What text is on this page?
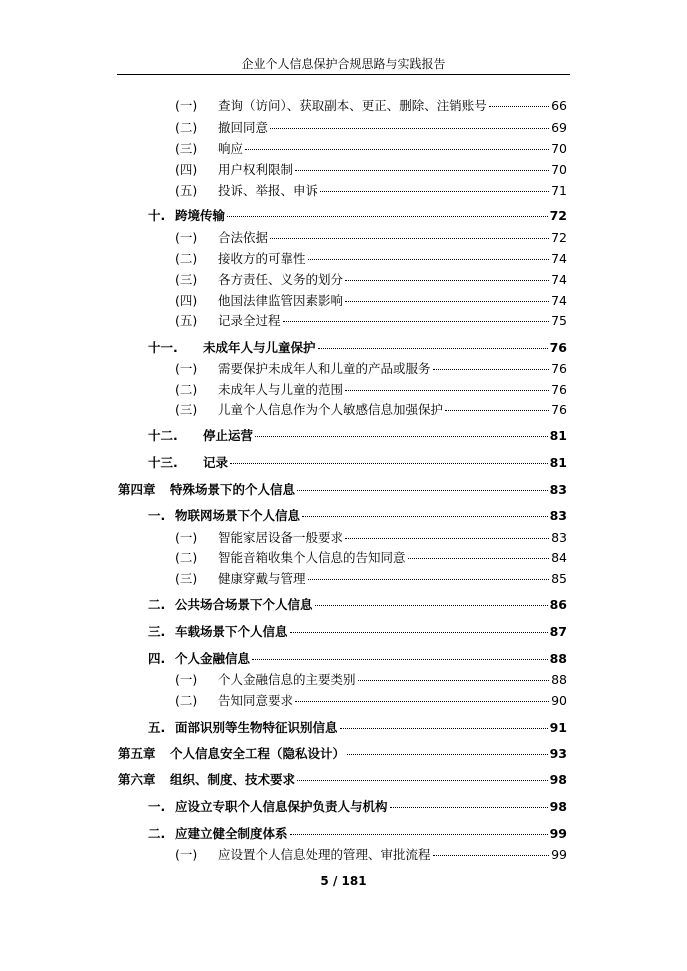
企业个人信息保护合规思路与实践报告
(一)	查询（访问）、获取副本、更正、删除、注销账号	66
(二)	撤回同意	69
(三)	响应	70
(四)	用户权利限制	70
(五)	投诉、举报、申诉	71
十. 跨境传输	72
(一)	合法依据	72
(二)	接收方的可靠性	74
(三)	各方责任、义务的划分	74
(四)	他国法律监管因素影响	74
(五)	记录全过程	75
十一.	未成年人与儿童保护	76
(一)	需要保护未成年人和儿童的产品或服务	76
(二)	未成年人与儿童的范围	76
(三)	儿童个人信息作为个人敏感信息加强保护	76
十二.	停止运营	81
十三.	记录	81
第四章	特殊场景下的个人信息	83
一. 物联网场景下个人信息	83
(一)	智能家居设备一般要求	83
(二)	智能音箱收集个人信息的告知同意	84
(三)	健康穿戴与管理	85
二. 公共场合场景下个人信息	86
三. 车载场景下个人信息	87
四. 个人金融信息	88
(一)	个人金融信息的主要类别	88
(二)	告知同意要求	90
五. 面部识别等生物特征识别信息	91
第五章	个人信息安全工程（隐私设计）	93
第六章	组织、制度、技术要求	98
一. 应设立专职个人信息保护负责人与机构	98
二. 应建立健全制度体系	99
(一)	应设置个人信息处理的管理、审批流程	99
5 / 181
